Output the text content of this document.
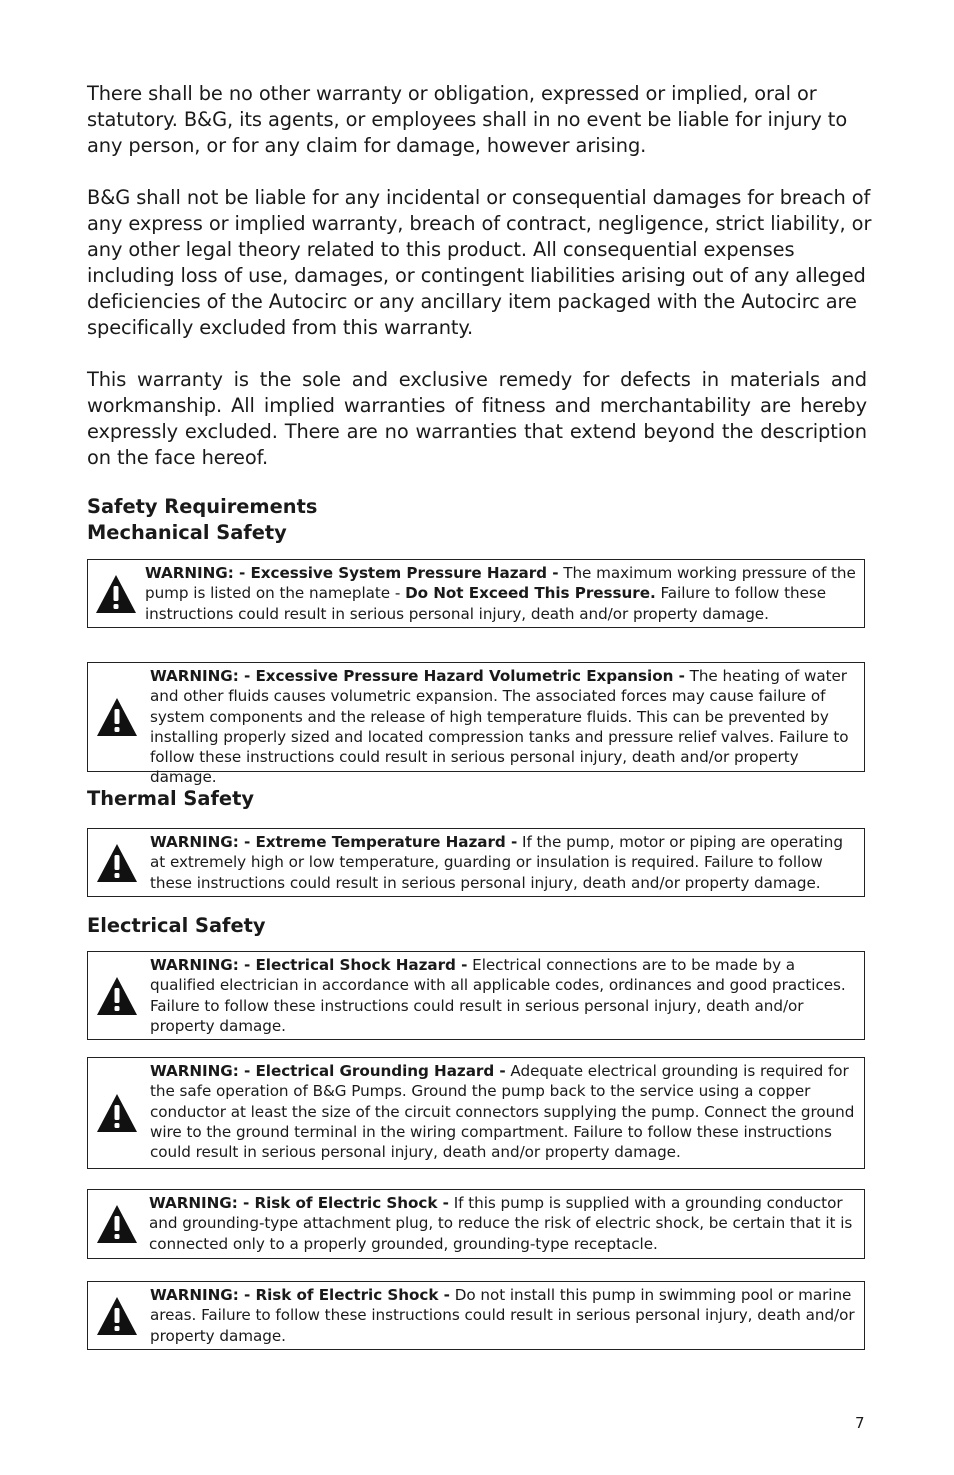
There shall be no other warranty or obligation, expressed or implied, oral or statutory. B&G, its agents, or employees shall in no event be liable for injury to any person, or for any claim for damage, however arising.

B&G shall not be liable for any incidental or consequential damages for breach of any express or implied warranty, breach of contract, negligence, strict liability, or any other legal theory related to this product. All consequential expenses including loss of use, damages, or contingent liabilities arising out of any alleged deficiencies of the Autocirc or any ancillary item packaged with the Autocirc are specifically excluded from this warranty.

This warranty is the sole and exclusive remedy for defects in materials and workmanship. All implied warranties of fitness and merchantability are hereby expressly excluded. There are no warranties that extend beyond the description on the face hereof.

Safety Requirements
Mechanical Safety

WARNING: - Excessive System Pressure Hazard - The maximum working pressure of the pump is listed on the nameplate - Do Not Exceed This Pressure. Failure to follow these instructions could result in serious personal injury, death and/or property damage.

WARNING: - Excessive Pressure Hazard Volumetric Expansion - The heating of water and other fluids causes volumetric expansion. The associated forces may cause failure of system components and the release of high temperature fluids. This can be prevented by installing properly sized and located compression tanks and pressure relief valves. Failure to follow these instructions could result in serious personal injury, death and/or property damage.

Thermal Safety

WARNING: - Extreme Temperature Hazard - If the pump, motor or piping are operating at extremely high or low temperature, guarding or insulation is required. Failure to follow these instructions could result in serious personal injury, death and/or property damage.

Electrical Safety

WARNING: - Electrical Shock Hazard - Electrical connections are to be made by a qualified electrician in accordance with all applicable codes, ordinances and good practices. Failure to follow these instructions could result in serious personal injury, death and/or property damage.

WARNING: - Electrical Grounding Hazard - Adequate electrical grounding is required for the safe operation of B&G Pumps. Ground the pump back to the service using a copper conductor at least the size of the circuit connectors supplying the pump. Connect the ground wire to the ground terminal in the wiring compartment. Failure to follow these instructions could result in serious personal injury, death and/or property damage.

WARNING: - Risk of Electric Shock - If this pump is supplied with a grounding conductor and grounding-type attachment plug, to reduce the risk of electric shock, be certain that it is connected only to a properly grounded, grounding-type receptacle.

WARNING: - Risk of Electric Shock - Do not install this pump in swimming pool or marine areas. Failure to follow these instructions could result in serious personal injury, death and/or property damage.

7
